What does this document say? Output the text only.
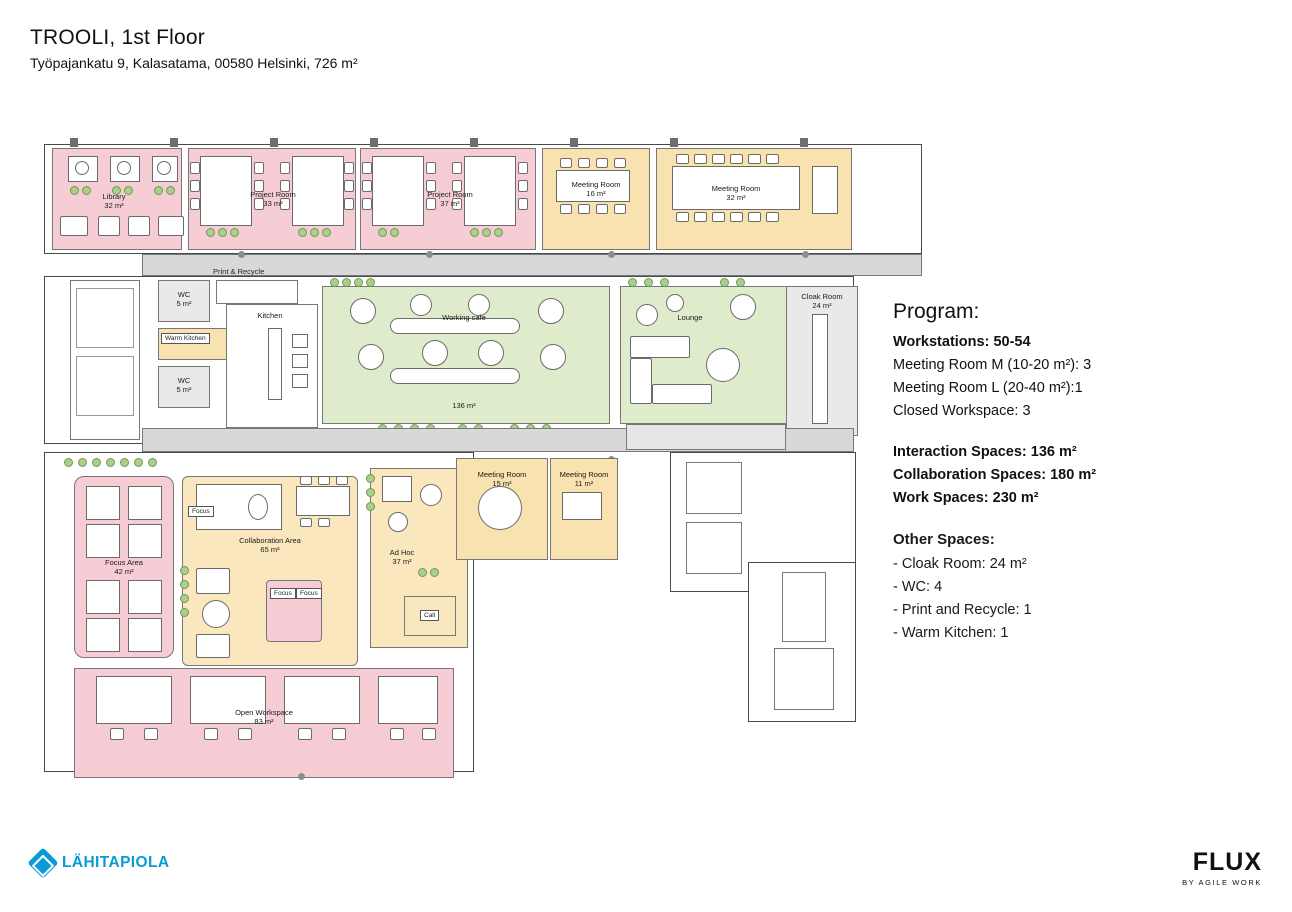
TROOLI, 1st Floor
Työpajankatu 9, Kalasatama, 00580 Helsinki, 726 m²
Library
32 m²
Project Room
33 m²
Project Room
37 m²
Meeting Room
16 m²
Meeting Room
32 m²
WC
5 m²
WC
5 m²
Warm Kitchen
Print & Recycle
Kitchen	Working cafe
136 m²
Lounge
Cloak Room
24 m²
Focus Area
42 m²
Focus
Focus	Focus
Collaboration Area
65 m²
Call
Ad Hoc
37 m²
Meeting Room
15 m²
Meeting Room
11 m²
Open Workspace
83 m²
Program:

Workstations: 50-54

Meeting Room M (10-20 m²): 3

Meeting Room L (20-40 m²):1

Closed Workspace: 3

Interaction Spaces: 136 m²

Collaboration Spaces: 180 m²

Work Spaces: 230 m²

Other Spaces:

- Cloak Room: 24 m²

- WC: 4

- Print and Recycle: 1

- Warm Kitchen: 1

LÄHITAPIOLA	FLUX
BY AGILE WORK
